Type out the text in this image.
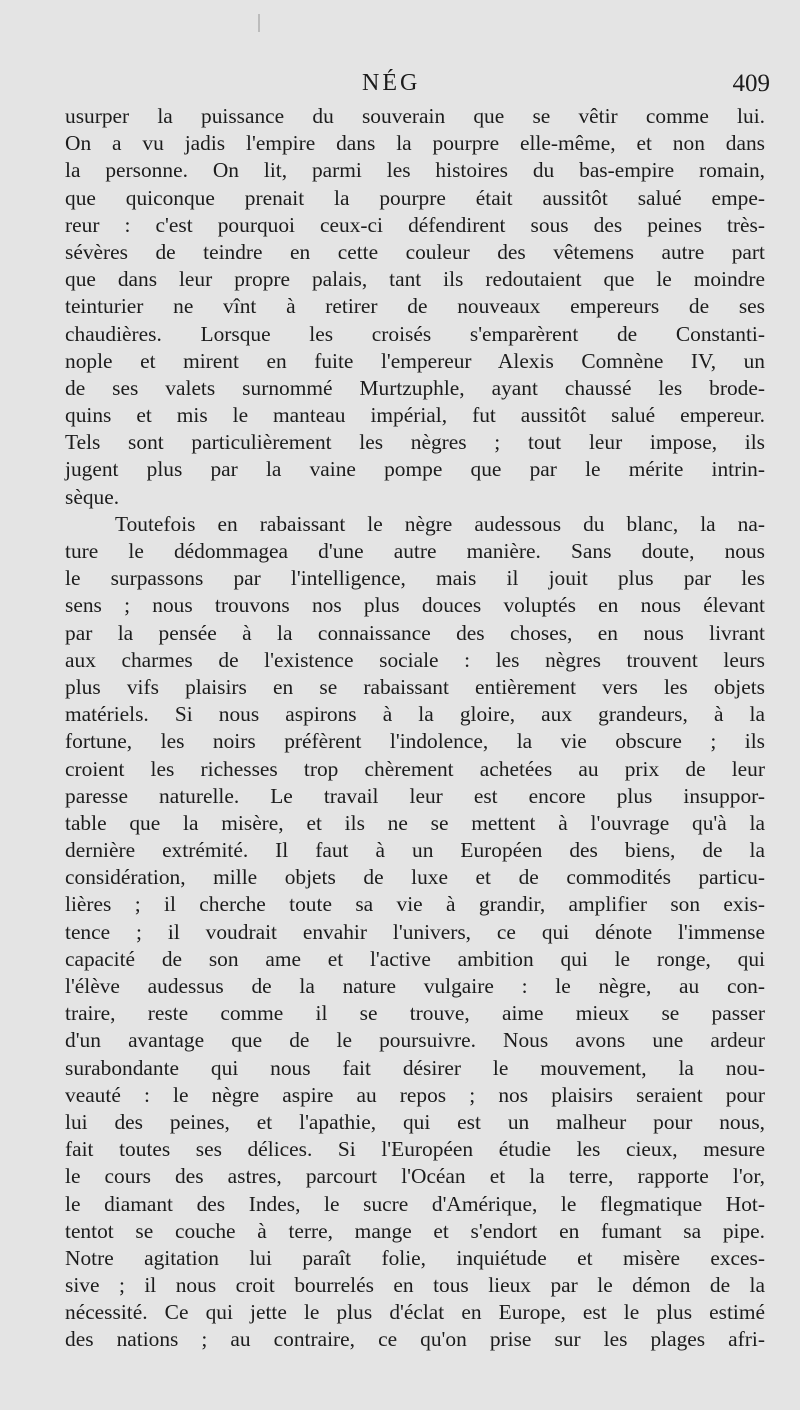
NÉG	409
usurper la puissance du souverain que se vêtir comme lui.
On a vu jadis l'empire dans la pourpre elle-même, et non dans
la personne. On lit, parmi les histoires du bas-empire romain,
que quiconque prenait la pourpre était aussitôt salué empe-
reur : c'est pourquoi ceux-ci défendirent sous des peines très-
sévères de teindre en cette couleur des vêtemens autre part
que dans leur propre palais, tant ils redoutaient que le moindre
teinturier ne vînt à retirer de nouveaux empereurs de ses
chaudières. Lorsque les croisés s'emparèrent de Constanti-
nople et mirent en fuite l'empereur Alexis Comnène IV, un
de ses valets surnommé Murtzuphle, ayant chaussé les brode-
quins et mis le manteau impérial, fut aussitôt salué empereur.
Tels sont particulièrement les nègres ; tout leur impose, ils
jugent plus par la vaine pompe que par le mérite intrin-
sèque.
Toutefois en rabaissant le nègre audessous du blanc, la na-
ture le dédommagea d'une autre manière. Sans doute, nous
le surpassons par l'intelligence, mais il jouit plus par les
sens ; nous trouvons nos plus douces voluptés en nous élevant
par la pensée à la connaissance des choses, en nous livrant
aux charmes de l'existence sociale : les nègres trouvent leurs
plus vifs plaisirs en se rabaissant entièrement vers les objets
matériels. Si nous aspirons à la gloire, aux grandeurs, à la
fortune, les noirs préfèrent l'indolence, la vie obscure ; ils
croient les richesses trop chèrement achetées au prix de leur
paresse naturelle. Le travail leur est encore plus insuppor-
table que la misère, et ils ne se mettent à l'ouvrage qu'à la
dernière extrémité. Il faut à un Européen des biens, de la
considération, mille objets de luxe et de commodités particu-
lières ; il cherche toute sa vie à grandir, amplifier son exis-
tence ; il voudrait envahir l'univers, ce qui dénote l'immense
capacité de son ame et l'active ambition qui le ronge, qui
l'élève audessus de la nature vulgaire : le nègre, au con-
traire, reste comme il se trouve, aime mieux se passer
d'un avantage que de le poursuivre. Nous avons une ardeur
surabondante qui nous fait désirer le mouvement, la nou-
veauté : le nègre aspire au repos ; nos plaisirs seraient pour
lui des peines, et l'apathie, qui est un malheur pour nous,
fait toutes ses délices. Si l'Européen étudie les cieux, mesure
le cours des astres, parcourt l'Océan et la terre, rapporte l'or,
le diamant des Indes, le sucre d'Amérique, le flegmatique Hot-
tentot se couche à terre, mange et s'endort en fumant sa pipe.
Notre agitation lui paraît folie, inquiétude et misère exces-
sive ; il nous croit bourrelés en tous lieux par le démon de la
nécessité. Ce qui jette le plus d'éclat en Europe, est le plus estimé
des nations ; au contraire, ce qu'on prise sur les plages afri-
